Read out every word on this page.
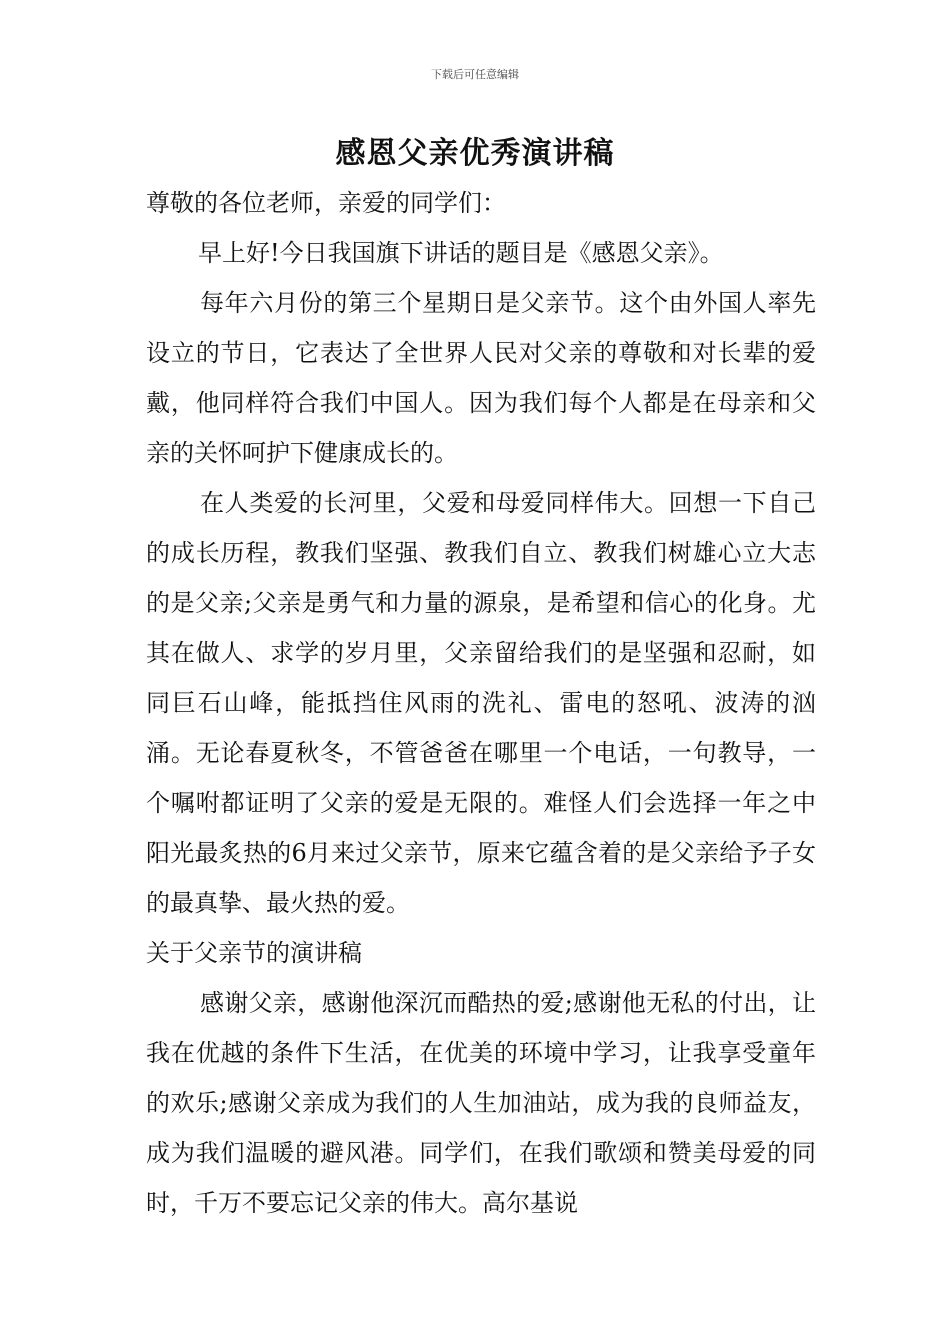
下载后可任意编辑
感恩父亲优秀演讲稿

尊敬的各位老师，亲爱的同学们：

早上好!今日我国旗下讲话的题目是《感恩父亲》。

每年六月份的第三个星期日是父亲节。这个由外国人率先设立的节日，它表达了全世界人民对父亲的尊敬和对长辈的爱戴，他同样符合我们中国人。因为我们每个人都是在母亲和父亲的关怀呵护下健康成长的。

在人类爱的长河里，父爱和母爱同样伟大。回想一下自己的成长历程，教我们坚强、教我们自立、教我们树雄心立大志的是父亲;父亲是勇气和力量的源泉，是希望和信心的化身。尤其在做人、求学的岁月里，父亲留给我们的是坚强和忍耐，如同巨石山峰，能抵挡住风雨的洗礼、雷电的怒吼、波涛的汹涌。无论春夏秋冬，不管爸爸在哪里一个电话，一句教导，一个嘱咐都证明了父亲的爱是无限的。难怪人们会选择一年之中阳光最炙热的6月来过父亲节，原来它蕴含着的是父亲给予子女的最真挚、最火热的爱。

关于父亲节的演讲稿

感谢父亲，感谢他深沉而酷热的爱;感谢他无私的付出，让我在优越的条件下生活，在优美的环境中学习，让我享受童年的欢乐;感谢父亲成为我们的人生加油站，成为我的良师益友，成为我们温暖的避风港。同学们，在我们歌颂和赞美母爱的同时，千万不要忘记父亲的伟大。高尔基说
